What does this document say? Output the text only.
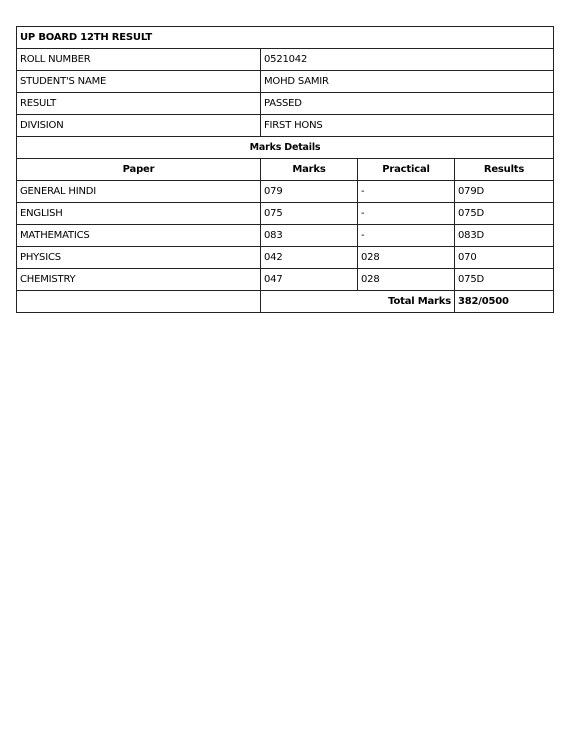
UP BOARD 12TH RESULT			
ROLL NUMBER	0521042		
STUDENT'S NAME	MOHD SAMIR		
RESULT	PASSED		
DIVISION	FIRST HONS		
Marks Details			
Paper	Marks	Practical	Results
GENERAL HINDI	079	-	079D
ENGLISH	075	-	075D
MATHEMATICS	083	-	083D
PHYSICS	042	028	070
CHEMISTRY	047	028	075D
	Total Marks		382/0500
